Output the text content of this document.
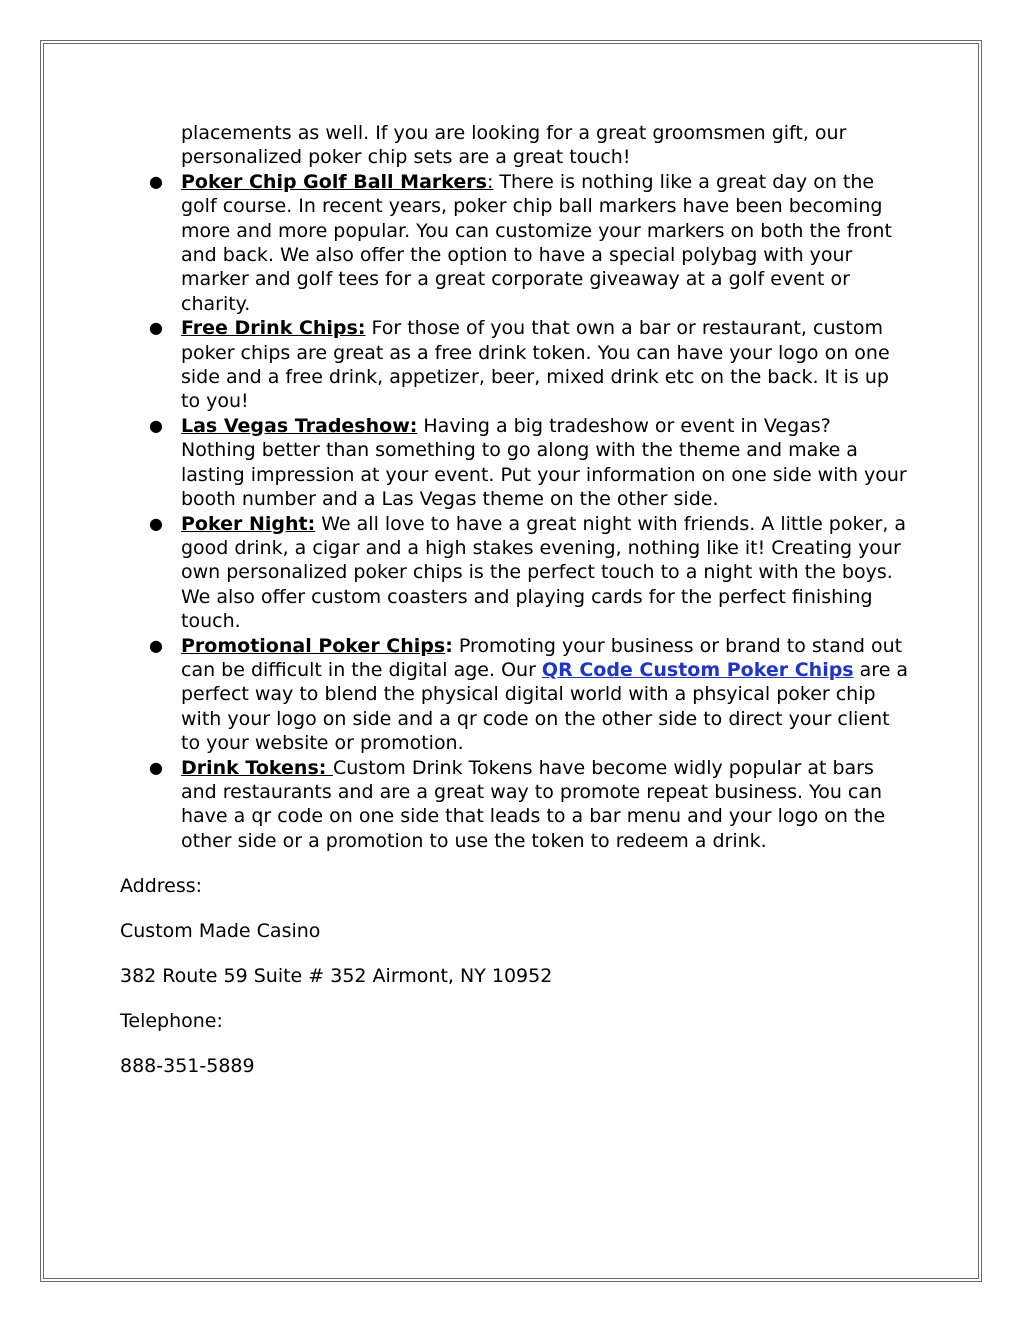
placements as well. If you are looking for a great groomsmen gift, our personalized poker chip sets are a great touch!

● Poker Chip Golf Ball Markers: There is nothing like a great day on the golf course. In recent years, poker chip ball markers have been becoming more and more popular. You can customize your markers on both the front and back. We also offer the option to have a special polybag with your marker and golf tees for a great corporate giveaway at a golf event or charity.
● Free Drink Chips: For those of you that own a bar or restaurant, custom poker chips are great as a free drink token. You can have your logo on one side and a free drink, appetizer, beer, mixed drink etc on the back. It is up to you!
● Las Vegas Tradeshow: Having a big tradeshow or event in Vegas? Nothing better than something to go along with the theme and make a lasting impression at your event. Put your information on one side with your booth number and a Las Vegas theme on the other side.
● Poker Night: We all love to have a great night with friends. A little poker, a good drink, a cigar and a high stakes evening, nothing like it! Creating your own personalized poker chips is the perfect touch to a night with the boys. We also offer custom coasters and playing cards for the perfect finishing touch.
● Promotional Poker Chips: Promoting your business or brand to stand out can be difficult in the digital age. Our QR Code Custom Poker Chips are a perfect way to blend the physical digital world with a phsyical poker chip with your logo on side and a qr code on the other side to direct your client to your website or promotion.
● Drink Tokens: Custom Drink Tokens have become widly popular at bars and restaurants and are a great way to promote repeat business. You can have a qr code on one side that leads to a bar menu and your logo on the other side or a promotion to use the token to redeem a drink.

Address:

Custom Made Casino

382 Route 59 Suite # 352 Airmont, NY 10952

Telephone:

888-351-5889
